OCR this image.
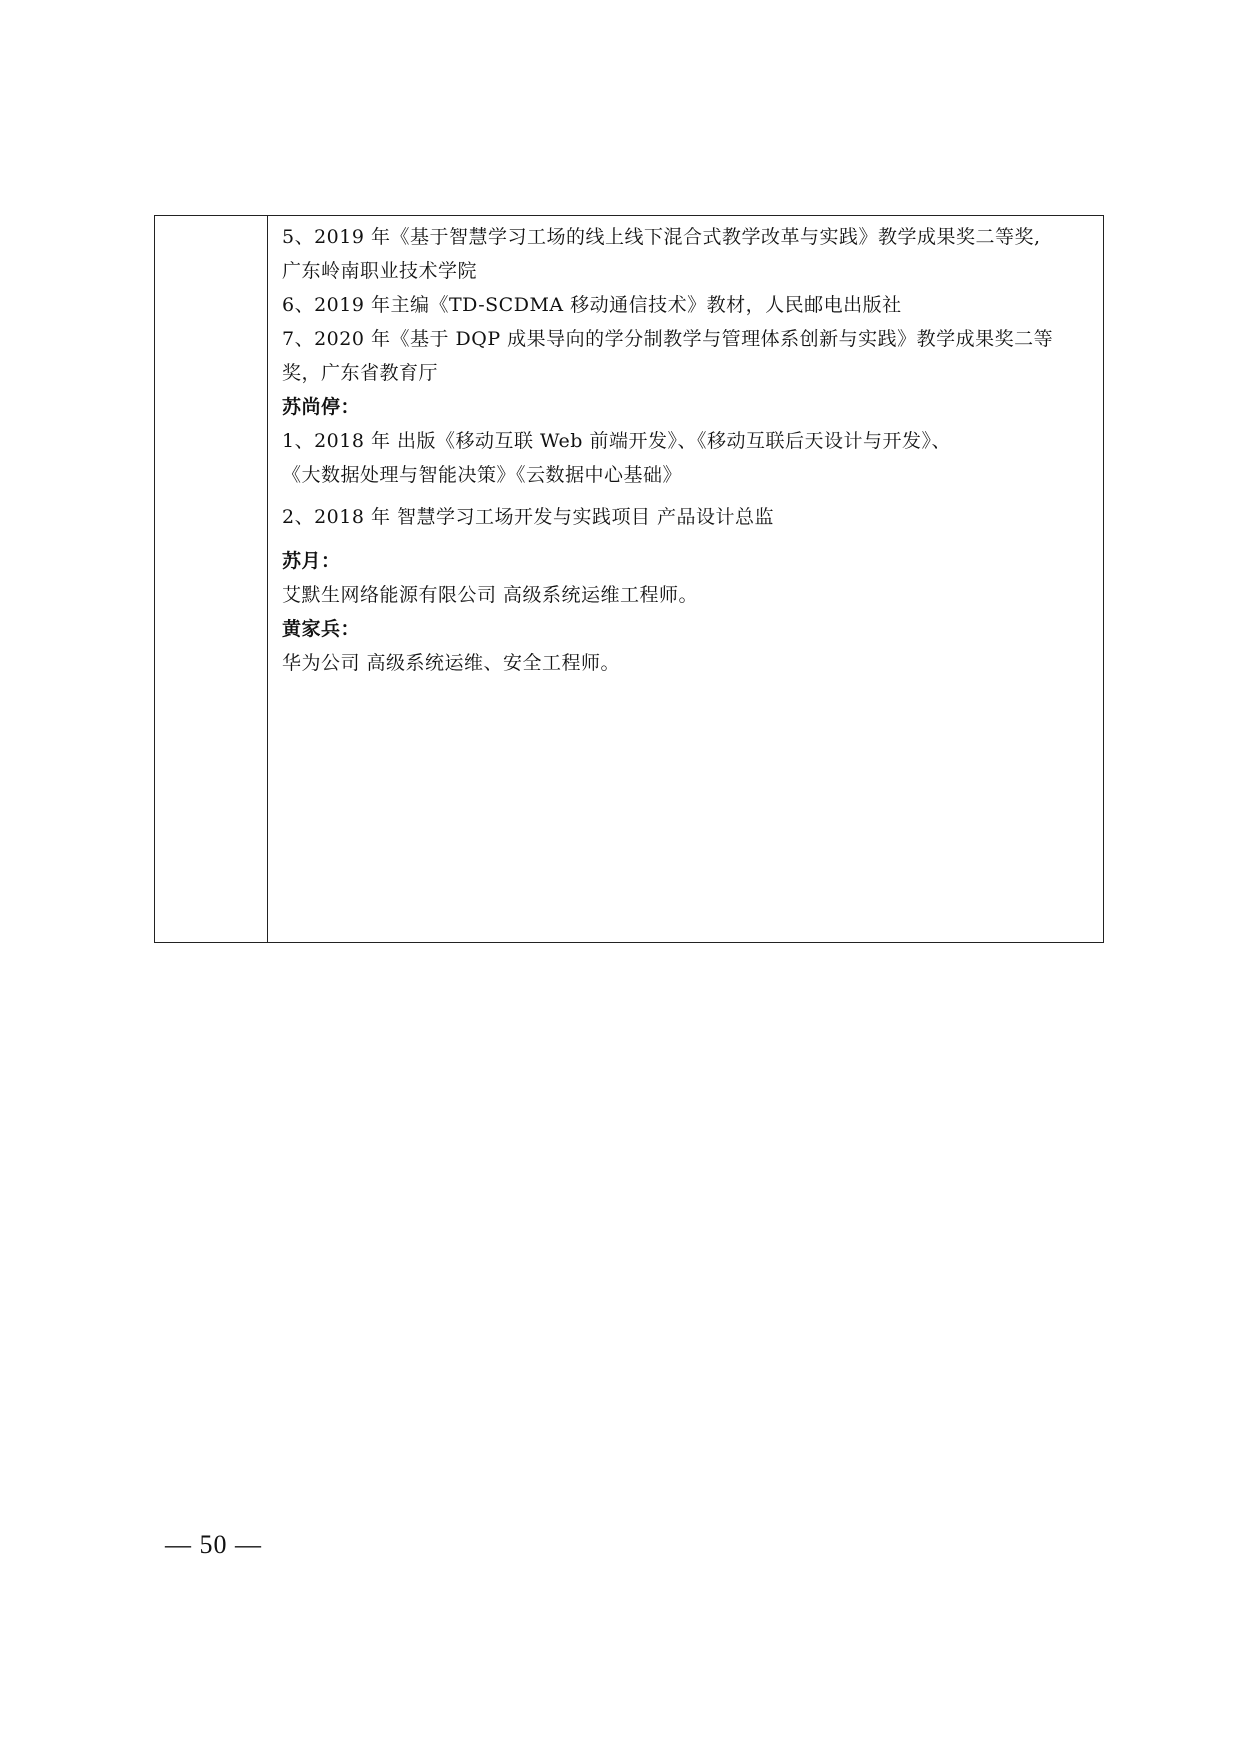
5、2019 年《基于智慧学习工场的线上线下混合式教学改革与实践》教学成果奖二等奖,
广东岭南职业技术学院
6、2019 年主编《TD-SCDMA 移动通信技术》教材，人民邮电出版社
7、2020 年《基于 DQP 成果导向的学分制教学与管理体系创新与实践》教学成果奖二等
奖，广东省教育厅
苏尚停：
1、2018 年 出版《移动互联 Web 前端开发》、《移动互联后天设计与开发》、
《大数据处理与智能决策》《云数据中心基础》
2、2018 年 智慧学习工场开发与实践项目 产品设计总监
苏月：
艾默生网络能源有限公司 高级系统运维工程师。
黄家兵：
华为公司 高级系统运维、安全工程师。
— 50 —
